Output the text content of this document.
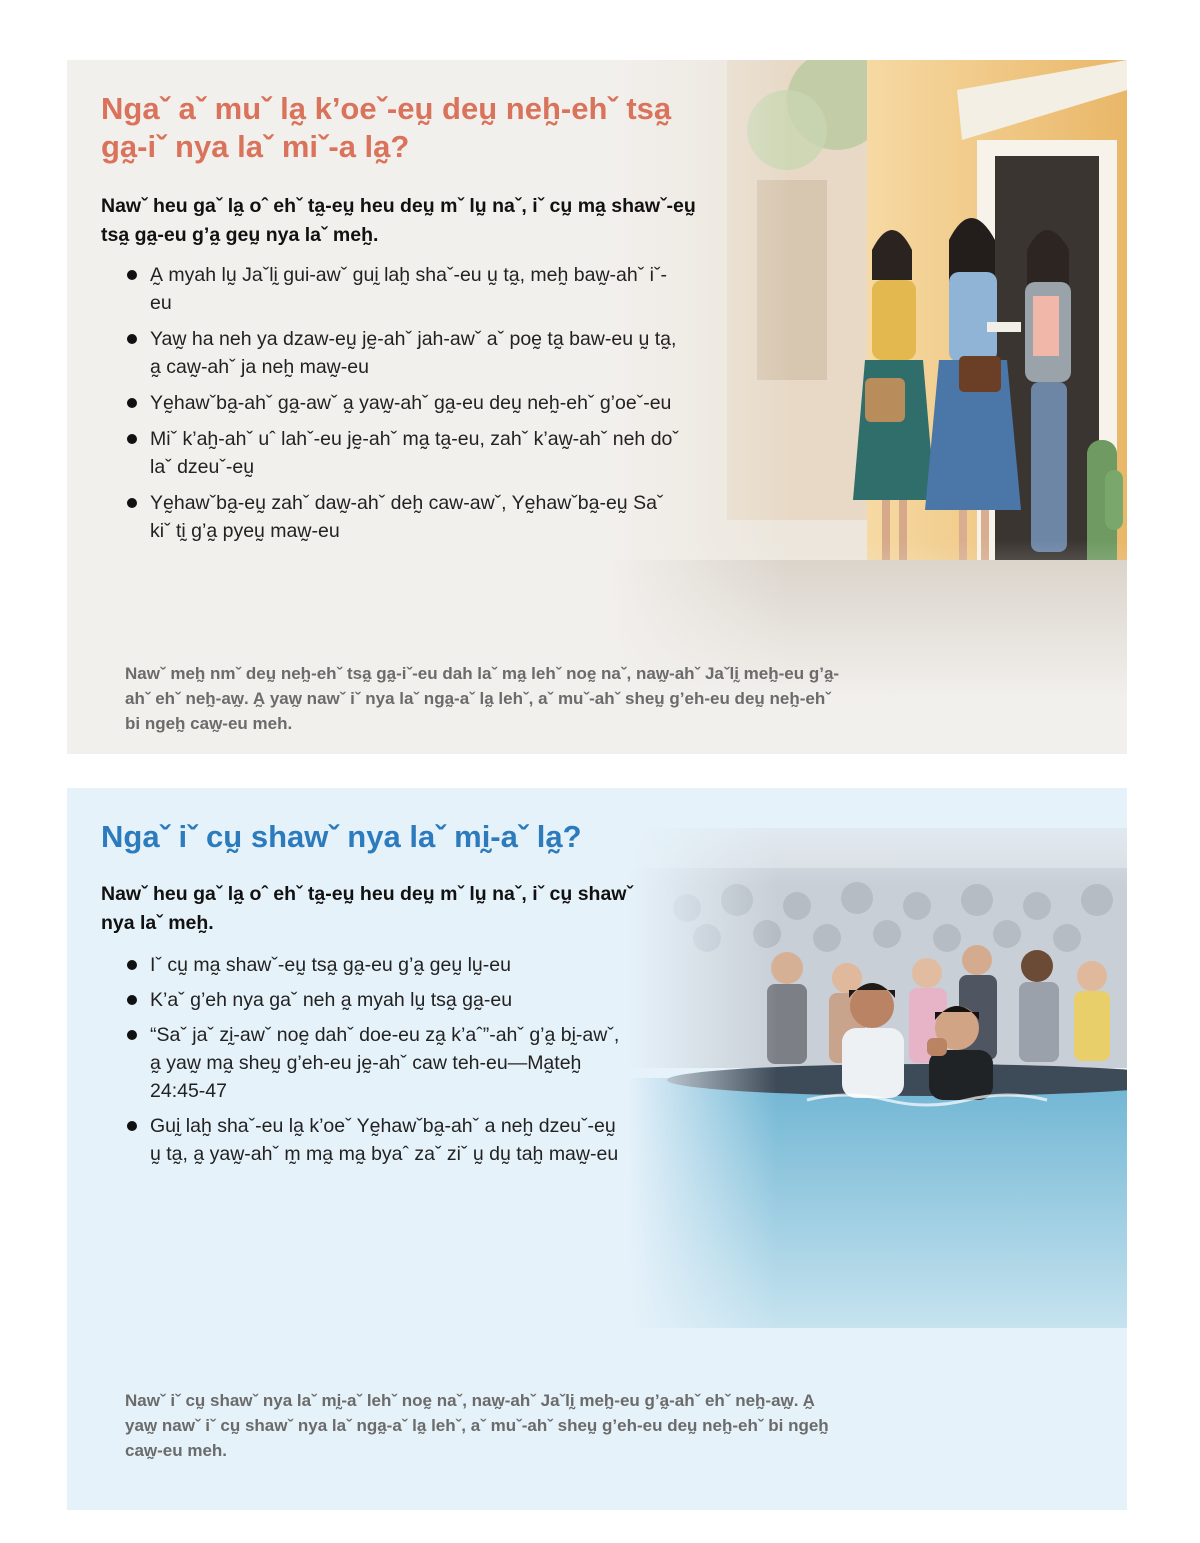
Ngaˇ aˇ muˇ la̰ k’oeˇ-eṵ deṵ neh̰-ehˇ tsa̰ ga̰-iˇ nya laˇ miˇ-a la̰?

Nawˇ heu gaˇ la̰ oˆ ehˇ ta̰-eṵ heu deṵ mˇ lṵ naˇ, iˇ cṵ ma̰ shawˇ-eṵ tsa̰ ga̰-eu g’a̰ geṵ nya laˇ meh̰.

A̰ myah lṵ Jaˇlḭ gui-awˇ guḭ lah̰ shaˇ-eu ṵ ta̰, meh̰ baw̰-ahˇ iˇ-eu
Yaw̰ ha neh ya dzaw-eṵ jḛ-ahˇ jah-awˇ aˇ poḛ ta̰ baw-eu ṵ ta̰, a̰ caw̰-ahˇ ja neh̰ maw̰-eu
Yḛhawˇba̰-ahˇ ga̰-awˇ a̰ yaw̰-ahˇ ga̰-eu deṵ neh̰-ehˇ g’oeˇ-eu
Miˇ k’ah̰-ahˇ uˆ lahˇ-eu jḛ-ahˇ ma̰ ta̰-eu, zahˇ k’aw̰-ahˇ neh doˇ laˇ dzeuˇ-eṵ
Yḛhawˇba̰-eṵ zahˇ daw̰-ahˇ deh̰ caw-awˇ, Yḛhawˇba̰-eṵ Saˇ kiˇ tḭ g’a̰ pyeṵ maw̰-eu

Nawˇ meh̰ nmˇ deṵ neh̰-ehˇ tsa̰ ga̰-iˇ-eu dah laˇ ma̰ lehˇ noḛ naˇ, naw̰-ahˇ Jaˇlḭ meh̰-eu g’a̰-ahˇ ehˇ neh̰-aw̰. A̰ yaw̰ nawˇ iˇ nya laˇ nga̰-aˇ la̰ lehˇ, aˇ muˇ-ahˇ sheṵ g’eh-eu deṵ neh̰-ehˇ bi ngeh̰ caw̰-eu meh.

Ngaˇ iˇ cṵ shawˇ nya laˇ mḭ-aˇ la̰?

Nawˇ heu gaˇ la̰ oˆ ehˇ ta̰-eṵ heu deṵ mˇ lṵ naˇ, iˇ cṵ shawˇ nya laˇ meh̰.

Iˇ cṵ ma̰ shawˇ-eṵ tsa̰ ga̰-eu g’a̰ geṵ lṵ-eu
K’aˇ g’eh nya gaˇ neh a̰ myah lṵ tsa̰ ga̰-eu
“Saˇ jaˇ zḭ-awˇ noḛ dahˇ doe-eu za̰ k’aˆ”-ahˇ g’a̰ bḭ-awˇ, a̰ yaw̰ ma̰ sheṵ g’eh-eu jḛ-ahˇ caw teh-eu—Ma̰teh̰ 24:45-47
Guḭ lah̰ shaˇ-eu la̰ k’oeˇ Yḛhawˇba̰-ahˇ a neh̰ dzeuˇ-eṵ ṵ ta̰, a̰ yaw̰-ahˇ m̰ ma̰ ma̰ byaˆ zaˇ ziˇ ṵ dṵ tah̰ maw̰-eu

Nawˇ iˇ cṵ shawˇ nya laˇ mḭ-aˇ lehˇ noḛ naˇ, naw̰-ahˇ Jaˇlḭ meh̰-eu g’a̰-ahˇ ehˇ neh̰-aw̰. A̰ yaw̰ nawˇ iˇ cṵ shawˇ nya laˇ nga̰-aˇ la̰ lehˇ, aˇ muˇ-ahˇ sheṵ g’eh-eu deṵ neh̰-ehˇ bi ngeh̰ caw̰-eu meh.
